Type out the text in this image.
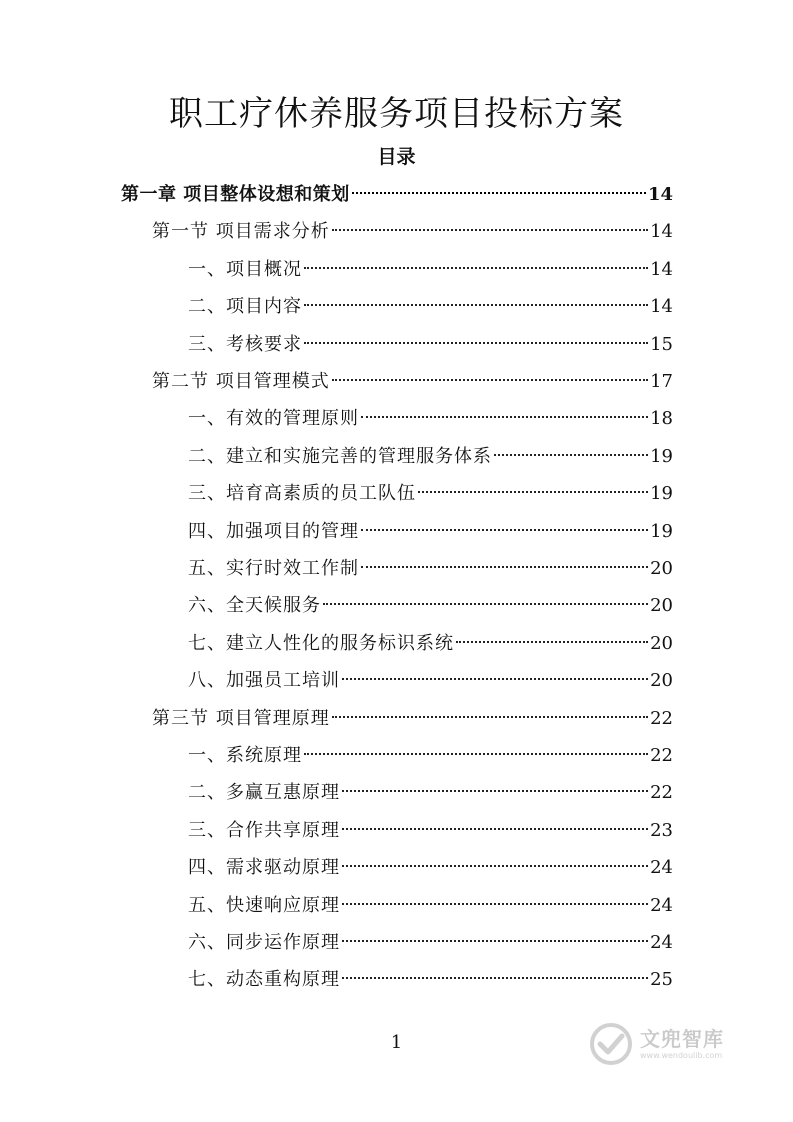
职工疗休养服务项目投标方案
目录
第一章 项目整体设想和策划	14
第一节 项目需求分析	14
一、项目概况	14
二、项目内容	14
三、考核要求	15
第二节 项目管理模式	17
一、有效的管理原则	18
二、建立和实施完善的管理服务体系	19
三、培育高素质的员工队伍	19
四、加强项目的管理	19
五、实行时效工作制	20
六、全天候服务	20
七、建立人性化的服务标识系统	20
八、加强员工培训	20
第三节 项目管理原理	22
一、系统原理	22
二、多赢互惠原理	22
三、合作共享原理	23
四、需求驱动原理	24
五、快速响应原理	24
六、同步运作原理	24
七、动态重构原理	25
1	文兜智库
www.wendoulib.com
